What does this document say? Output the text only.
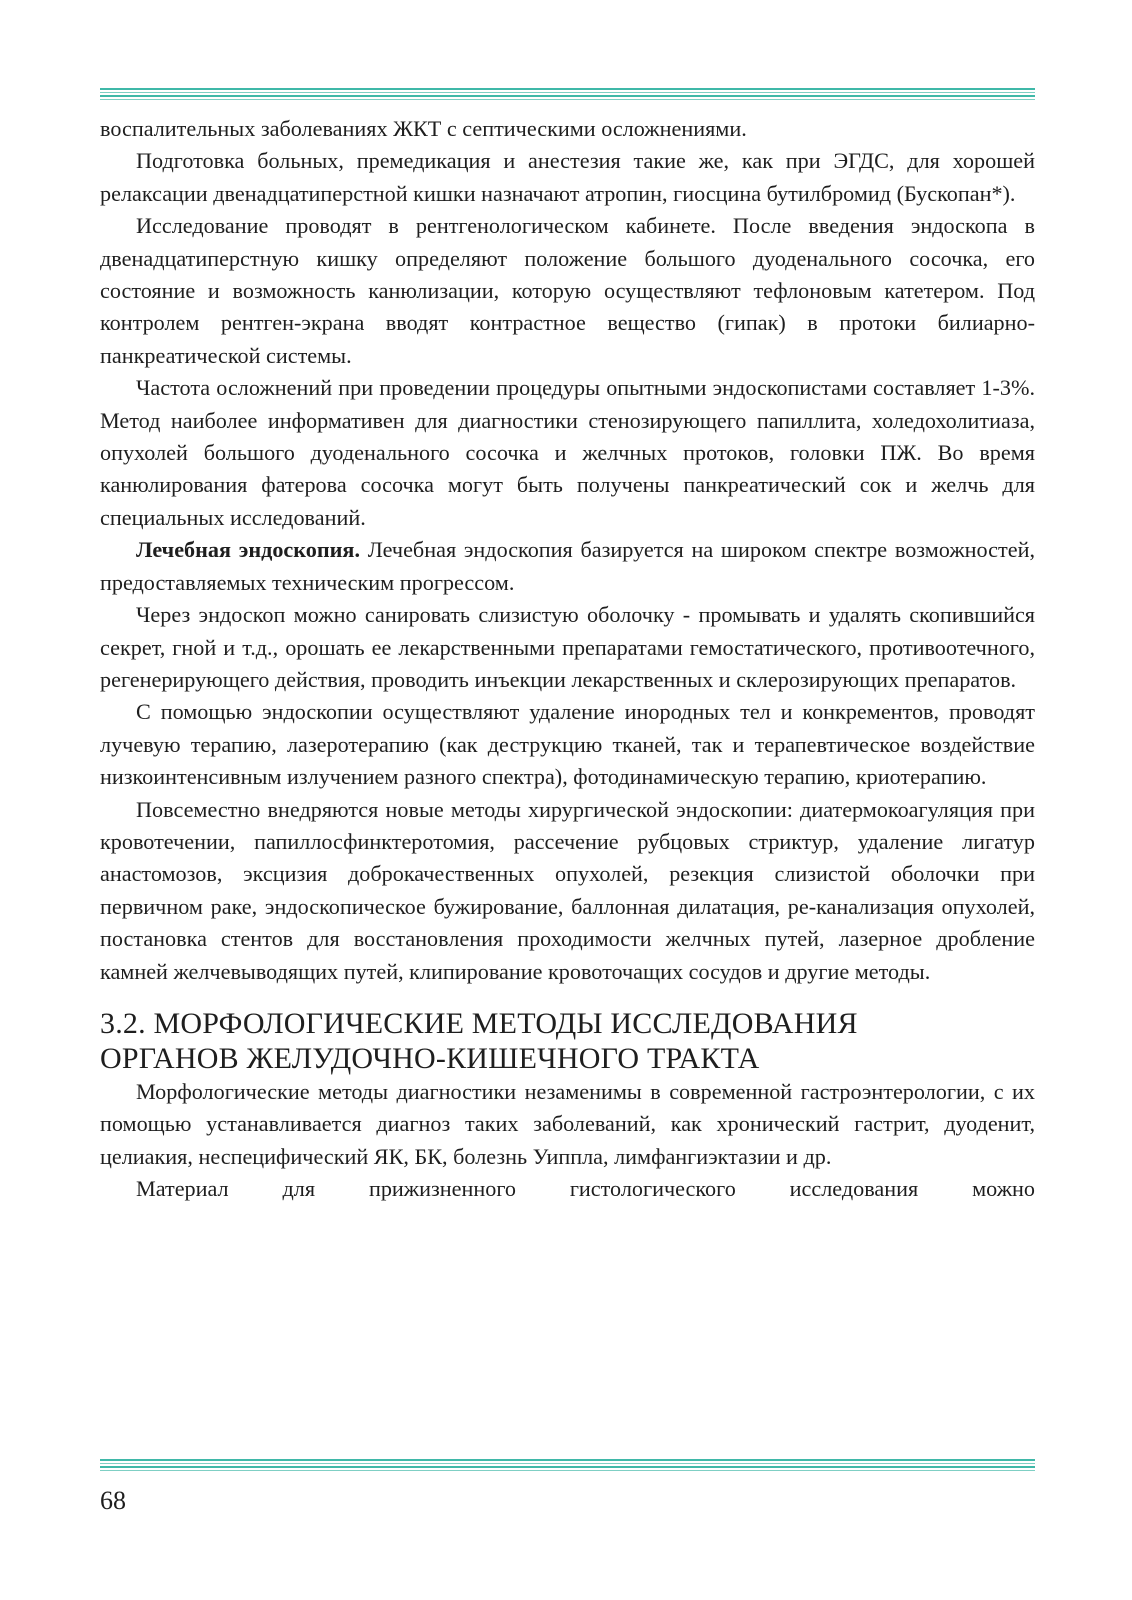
воспалительных заболеваниях ЖКТ с септическими осложнениями.

Подготовка больных, премедикация и анестезия такие же, как при ЭГДС, для хорошей релаксации двенадцатиперстной кишки назначают атропин, гиосцина бутилбромид (Бускопан*).

Исследование проводят в рентгенологическом кабинете. После введения эндоскопа в двенадцатиперстную кишку определяют положение большого дуоденального сосочка, его состояние и возможность канюлизации, которую осуществляют тефлоновым катетером. Под контролем рентген-экрана вводят контрастное вещество (гипак) в протоки билиарно-панкреатической системы.

Частота осложнений при проведении процедуры опытными эндоскопистами составляет 1-3%. Метод наиболее информативен для диагностики стенозирующего папиллита, холедохолитиаза, опухолей большого дуоденального сосочка и желчных протоков, головки ПЖ. Во время канюлирования фатерова сосочка могут быть получены панкреатический сок и желчь для специальных исследований.

Лечебная эндоскопия. Лечебная эндоскопия базируется на широком спектре возможностей, предоставляемых техническим прогрессом.

Через эндоскоп можно санировать слизистую оболочку - промывать и удалять скопившийся секрет, гной и т.д., орошать ее лекарственными препаратами гемостатического, противоотечного, регенерирующего действия, проводить инъекции лекарственных и склерозирующих препаратов.

С помощью эндоскопии осуществляют удаление инородных тел и конкрементов, проводят лучевую терапию, лазеротерапию (как деструкцию тканей, так и терапевтическое воздействие низкоинтенсивным излучением разного спектра), фотодинамическую терапию, криотерапию.

Повсеместно внедряются новые методы хирургической эндоскопии: диатермокоагуляция при кровотечении, папиллосфинктеротомия, рассечение рубцовых стриктур, удаление лигатур анастомозов, эксцизия доброкачественных опухолей, резекция слизистой оболочки при первичном раке, эндоскопическое бужирование, баллонная дилатация, ре-канализация опухолей, постановка стентов для восстановления проходимости желчных путей, лазерное дробление камней желчевыводящих путей, клипирование кровоточащих сосудов и другие методы.

3.2. МОРФОЛОГИЧЕСКИЕ МЕТОДЫ ИССЛЕДОВАНИЯ
ОРГАНОВ ЖЕЛУДОЧНО-КИШЕЧНОГО ТРАКТА

Морфологические методы диагностики незаменимы в современной гастроэнтерологии, с их помощью устанавливается диагноз таких заболеваний, как хронический гастрит, дуоденит, целиакия, неспецифический ЯК, БК, болезнь Уиппла, лимфангиэктазии и др.

Материал для прижизненного гистологического исследования можно

68
